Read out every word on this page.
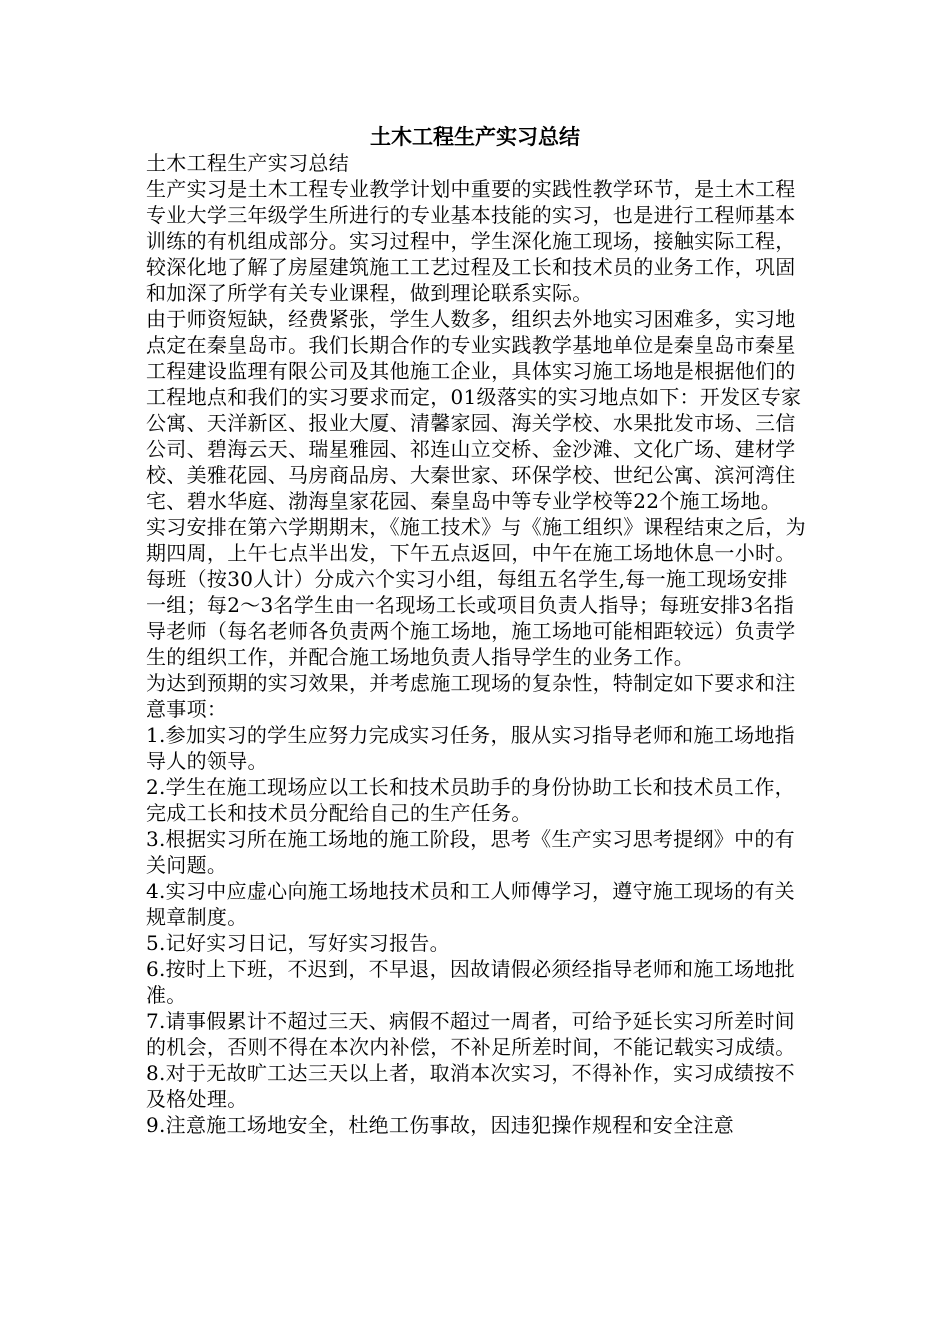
土木工程生产实习总结

土木工程生产实习总结

生产实习是土木工程专业教学计划中重要的实践性教学环节，是土木工程专业大学三年级学生所进行的专业基本技能的实习，也是进行工程师基本训练的有机组成部分。实习过程中，学生深化施工现场，接触实际工程，较深化地了解了房屋建筑施工工艺过程及工长和技术员的业务工作，巩固和加深了所学有关专业课程，做到理论联系实际。

由于师资短缺，经费紧张，学生人数多，组织去外地实习困难多，实习地点定在秦皇岛市。我们长期合作的专业实践教学基地单位是秦皇岛市秦星工程建设监理有限公司及其他施工企业，具体实习施工场地是根据他们的工程地点和我们的实习要求而定，01级落实的实习地点如下：开发区专家公寓、天洋新区、报业大厦、清馨家园、海关学校、水果批发市场、三信公司、碧海云天、瑞星雅园、祁连山立交桥、金沙滩、文化广场、建材学校、美雅花园、马房商品房、大秦世家、环保学校、世纪公寓、滨河湾住宅、碧水华庭、渤海皇家花园、秦皇岛中等专业学校等22个施工场地。

实习安排在第六学期期末，《施工技术》与《施工组织》课程结束之后，为期四周，上午七点半出发，下午五点返回，中午在施工场地休息一小时。

每班（按30人计）分成六个实习小组，每组五名学生,每一施工现场安排一组；每2～3名学生由一名现场工长或项目负责人指导；每班安排3名指导老师（每名老师各负责两个施工场地，施工场地可能相距较远）负责学生的组织工作，并配合施工场地负责人指导学生的业务工作。

为达到预期的实习效果，并考虑施工现场的复杂性，特制定如下要求和注意事项：

1.参加实习的学生应努力完成实习任务，服从实习指导老师和施工场地指导人的领导。

2.学生在施工现场应以工长和技术员助手的身份协助工长和技术员工作，完成工长和技术员分配给自己的生产任务。

3.根据实习所在施工场地的施工阶段，思考《生产实习思考提纲》中的有关问题。

4.实习中应虚心向施工场地技术员和工人师傅学习，遵守施工现场的有关规章制度。

5.记好实习日记，写好实习报告。

6.按时上下班，不迟到，不早退，因故请假必须经指导老师和施工场地批准。

7.请事假累计不超过三天、病假不超过一周者，可给予延长实习所差时间的机会，否则不得在本次内补偿，不补足所差时间，不能记载实习成绩。

8.对于无故旷工达三天以上者，取消本次实习，不得补作，实习成绩按不及格处理。

9.注意施工场地安全，杜绝工伤事故，因违犯操作规程和安全注意
